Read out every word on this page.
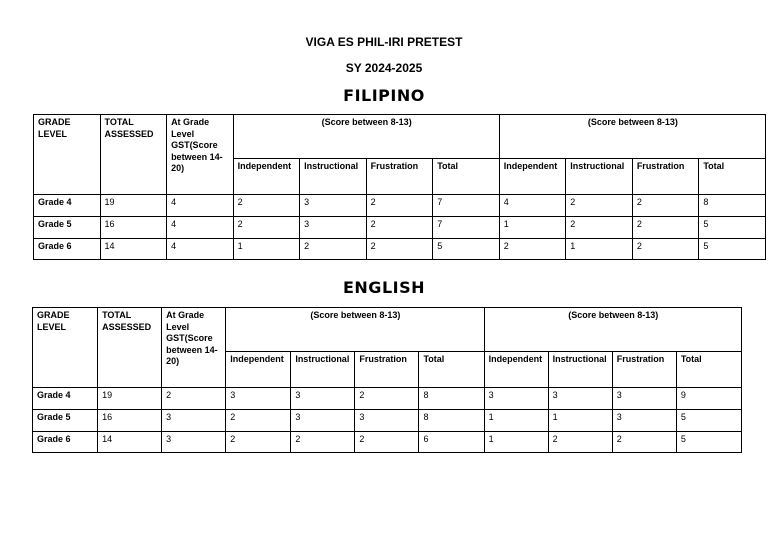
VIGA ES PHIL-IRI PRETEST
SY 2024-2025
FILIPINO
GRADE LEVEL	TOTAL ASSESSED	At Grade Level GST(Score between 14-20)	(Score between 8-13)				(Score between 8-13)			
			Independent	Instructional	Frustration	Total	Independent	Instructional	Frustration	Total
Grade 4	19	4	2	3	2	7	4	2	2	8
Grade 5	16	4	2	3	2	7	1	2	2	5
Grade 6	14	4	1	2	2	5	2	1	2	5
ENGLISH
GRADE LEVEL	TOTAL ASSESSED	At Grade Level GST(Score between 14-20)	(Score between 8-13)				(Score between 8-13)			
			Independent	Instructional	Frustration	Total	Independent	Instructional	Frustration	Total
Grade 4	19	2	3	3	2	8	3	3	3	9
Grade 5	16	3	2	3	3	8	1	1	3	5
Grade 6	14	3	2	2	2	6	1	2	2	5
